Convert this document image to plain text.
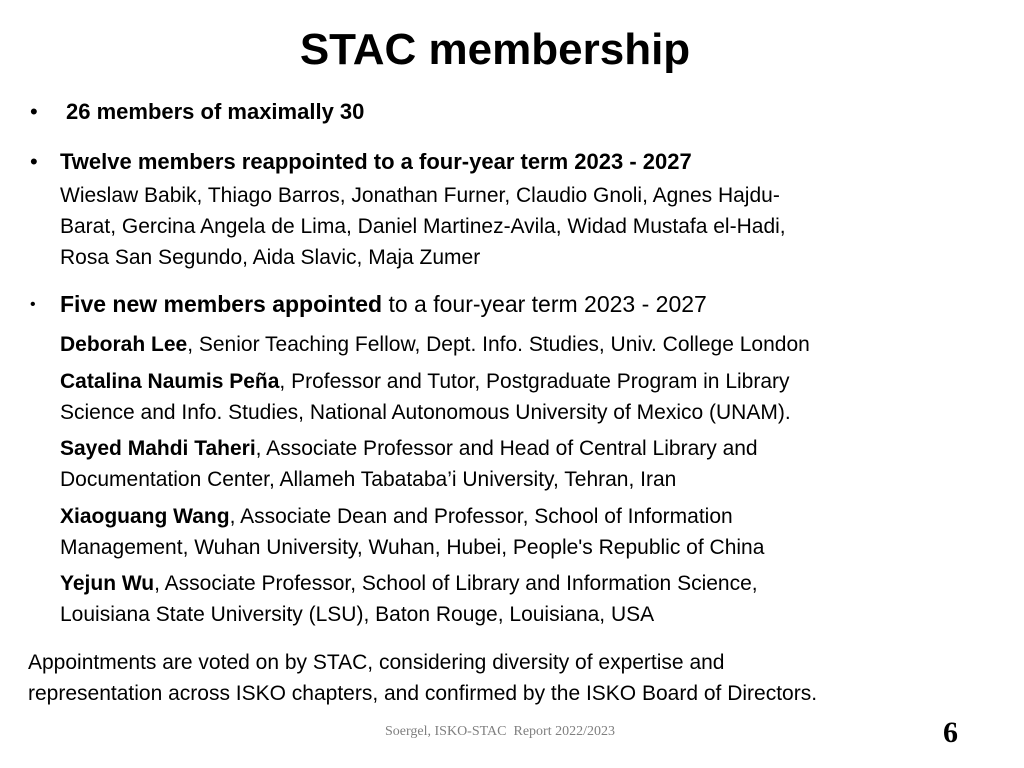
STAC membership
• 26 members of maximally 30
• Twelve members reappointed to a four-year term 2023 - 2027
Wieslaw Babik, Thiago Barros, Jonathan Furner, Claudio Gnoli, Agnes Hajdu-
Barat, Gercina Angela de Lima, Daniel Martinez-Avila, Widad Mustafa el-Hadi,
Rosa San Segundo, Aida Slavic, Maja Zumer
• Five new members appointed to a four-year term 2023 - 2027
Deborah Lee, Senior Teaching Fellow, Dept. Info. Studies, Univ. College London
Catalina Naumis Peña, Professor and Tutor, Postgraduate Program in Library
Science and Info. Studies, National Autonomous University of Mexico (UNAM).
Sayed Mahdi Taheri, Associate Professor and Head of Central Library and
Documentation Center, Allameh Tabataba’i University, Tehran, Iran
Xiaoguang Wang, Associate Dean and Professor, School of Information
Management, Wuhan University, Wuhan, Hubei, People's Republic of China
Yejun Wu, Associate Professor, School of Library and Information Science,
Louisiana State University (LSU), Baton Rouge, Louisiana, USA
Appointments are voted on by STAC, considering diversity of expertise and
representation across ISKO chapters, and confirmed by the ISKO Board of Directors.
Soergel, ISKO-STAC  Report 2022/2023	6
